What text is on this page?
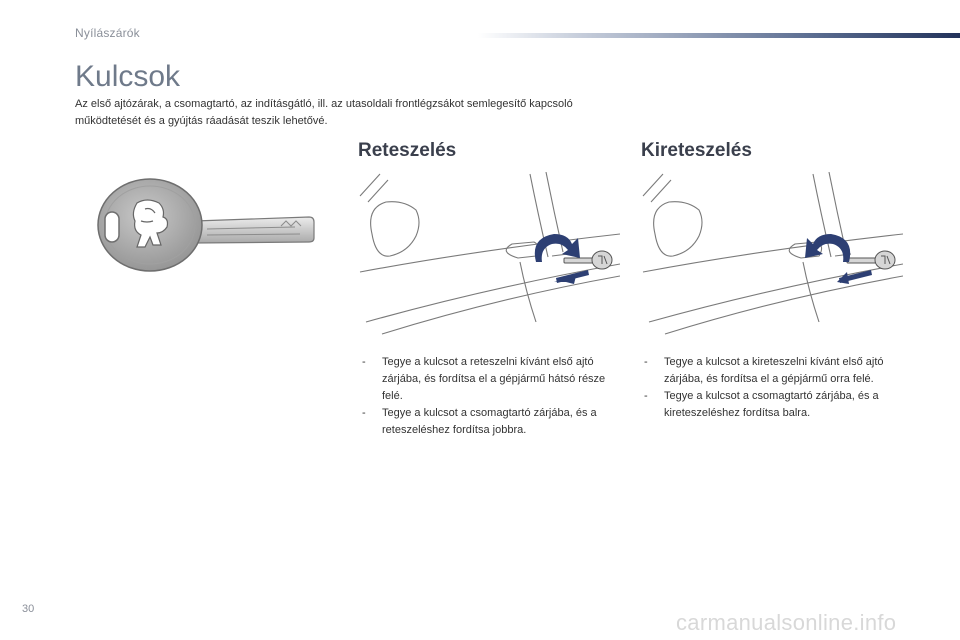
Nyílászárók
Kulcsok

Az első ajtózárak, a csomagtartó, az indításgátló, ill. az utasoldali frontlégzsákot semlegesítő kapcsoló működtetését és a gyújtás ráadását teszik lehetővé.

Reteszelés	Kireteszelés
- Tegye a kulcsot a reteszelni kívánt első ajtó zárjába, és fordítsa el a gépjármű hátsó része felé.
- Tegye a kulcsot a csomagtartó zárjába, és a reteszeléshez fordítsa jobbra.
- Tegye a kulcsot a kireteszelni kívánt első ajtó zárjába, és fordítsa el a gépjármű orra felé.
- Tegye a kulcsot a csomagtartó zárjába, és a kireteszeléshez fordítsa balra.
30
carmanualsonline.info
